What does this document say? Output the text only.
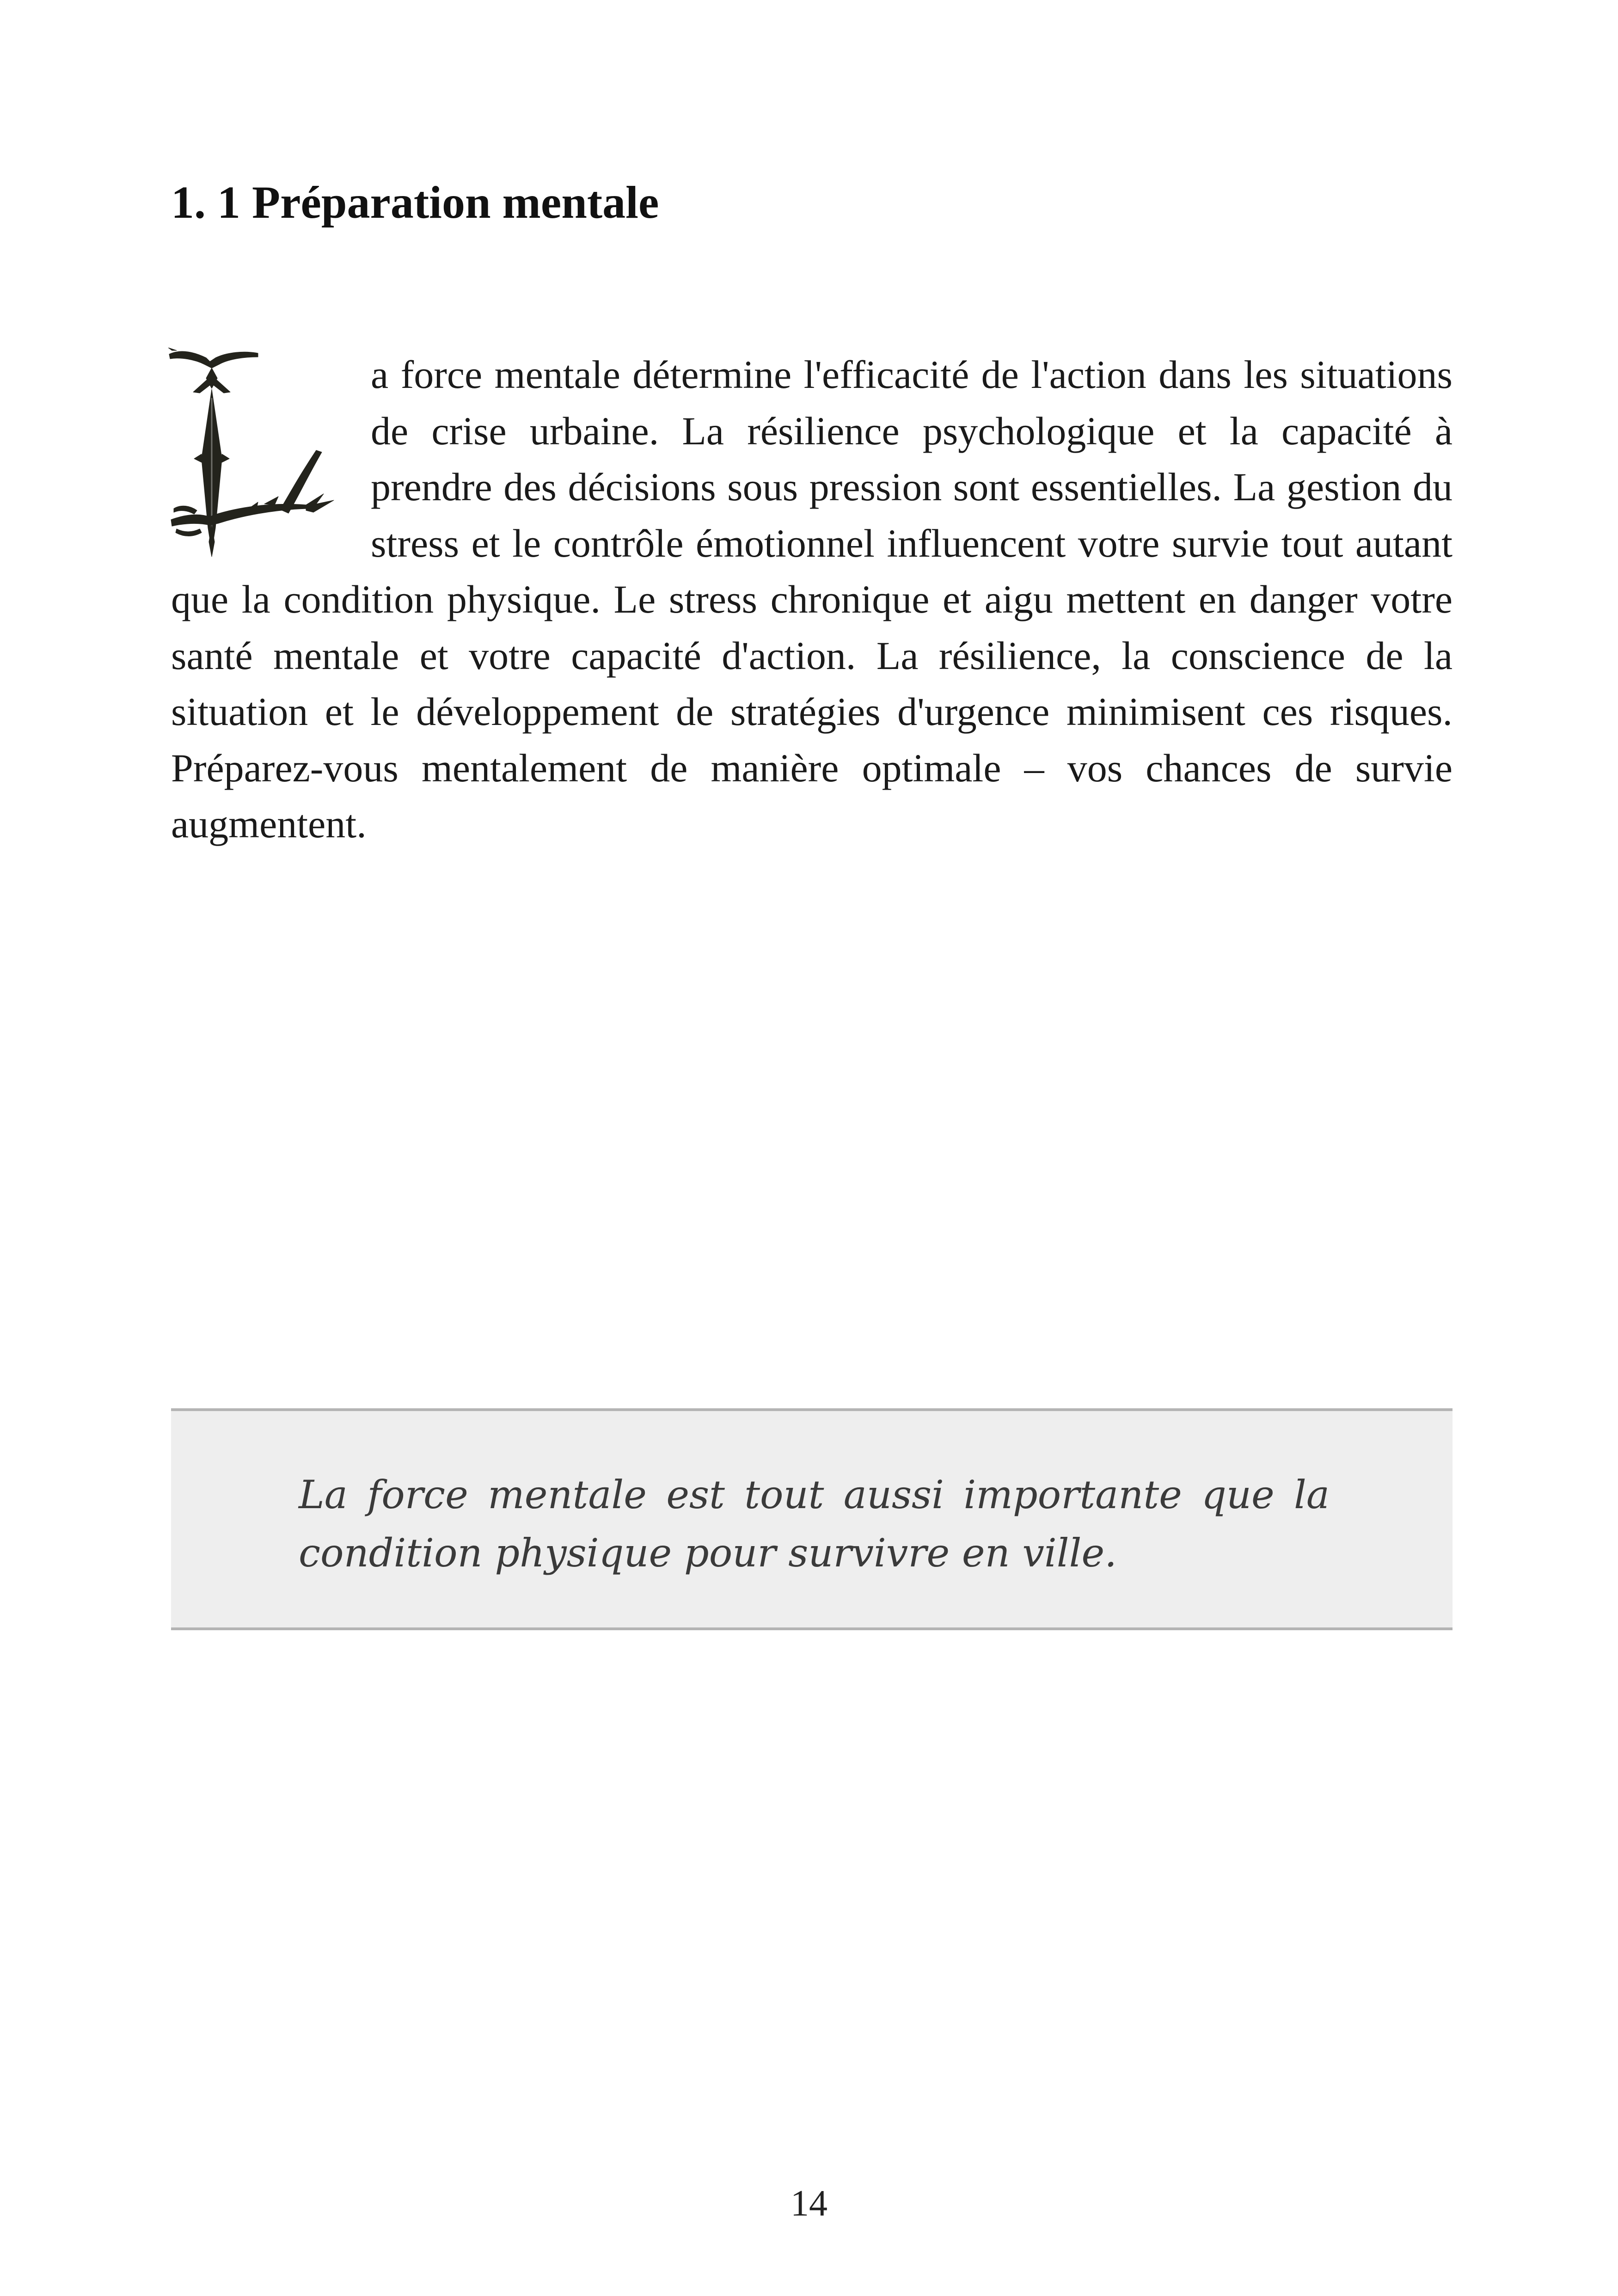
1. 1 Préparation mentale

a force mentale détermine l'efficacité de l'action dans les situations de crise urbaine. La résilience psychologique et la capacité à prendre des décisions sous pression sont essentielles. La gestion du stress et le contrôle émotionnel influencent votre survie tout autant que la condition physique. Le stress chronique et aigu mettent en danger votre santé mentale et votre capacité d'action. La résilience, la conscience de la situation et le développement de stratégies d'urgence minimisent ces risques. Préparez-vous mentalement de manière optimale – vos chances de survie augmentent.

La force mentale est tout aussi importante que la condition physique pour survivre en ville.

14
